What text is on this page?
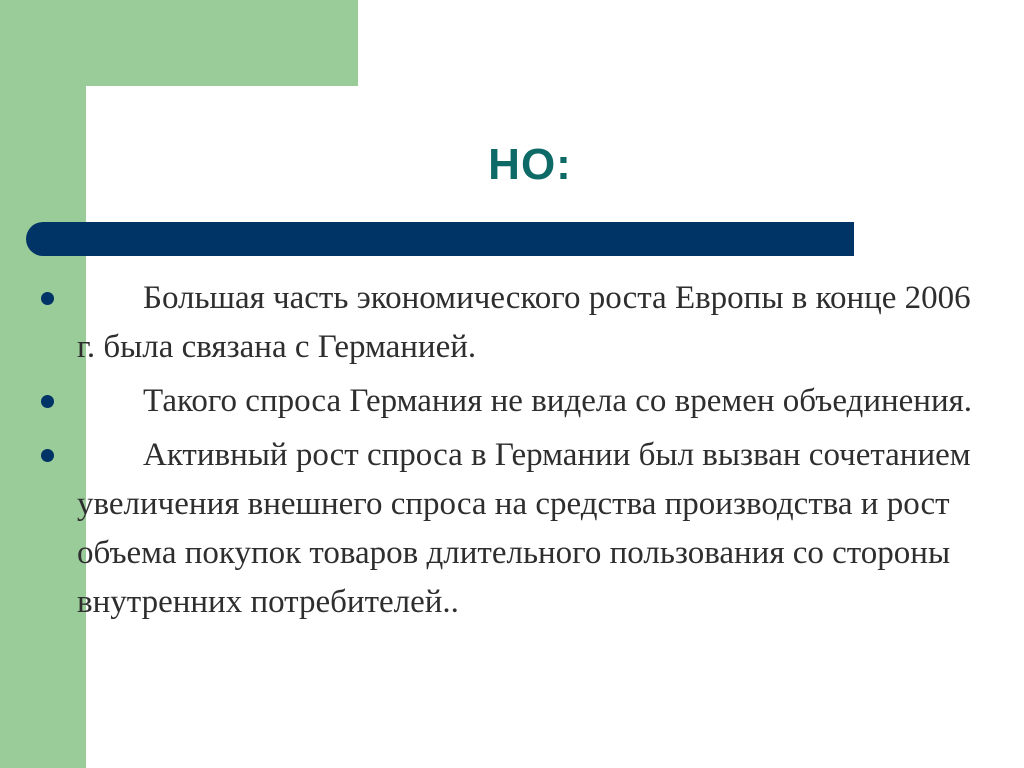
НО:
Большая часть экономического роста Европы в конце 2006 г. была связана с Германией.
Такого спроса Германия не видела со времен объединения.
Активный рост спроса в Германии был вызван сочетанием увеличения внешнего спроса на средства производства и рост объема покупок товаров длительного пользования со стороны внутренних потребителей..
